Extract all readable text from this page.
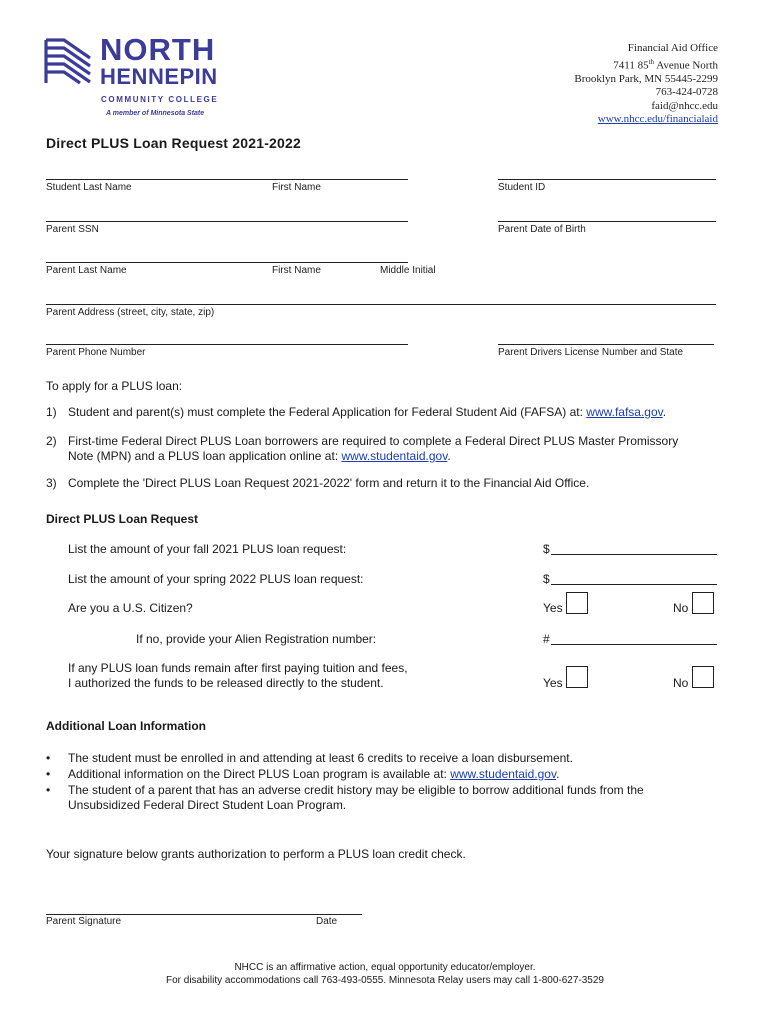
NORTH
HENNEPIN
COMMUNITY COLLEGE
A member of Minnesota State
Financial Aid Office
7411 85th Avenue North
Brooklyn Park, MN 55445-2299
763-424-0728
faid@nhcc.edu
www.nhcc.edu/financialaid
Direct PLUS Loan Request 2021-2022
Student Last Name	First Name	Student ID
Parent SSN	Parent Date of Birth
Parent Last Name	First Name	Middle Initial
Parent Address (street, city, state, zip)
Parent Phone Number	Parent Drivers License Number and State
To apply for a PLUS loan:
1) Student and parent(s) must complete the Federal Application for Federal Student Aid (FAFSA) at: www.fafsa.gov.
2) First-time Federal Direct PLUS Loan borrowers are required to complete a Federal Direct PLUS Master Promissory
Note (MPN) and a PLUS loan application online at: www.studentaid.gov.
3) Complete the 'Direct PLUS Loan Request 2021-2022' form and return it to the Financial Aid Office.
Direct PLUS Loan Request
List the amount of your fall 2021 PLUS loan request:	$
List the amount of your spring 2022 PLUS loan request:	$
Are you a U.S. Citizen?	Yes	No
If no, provide your Alien Registration number:	#
If any PLUS loan funds remain after first paying tuition and fees,
I authorized the funds to be released directly to the student.	Yes	No
Additional Loan Information
• The student must be enrolled in and attending at least 6 credits to receive a loan disbursement.
• Additional information on the Direct PLUS Loan program is available at: www.studentaid.gov.
• The student of a parent that has an adverse credit history may be eligible to borrow additional funds from the
Unsubsidized Federal Direct Student Loan Program.
Your signature below grants authorization to perform a PLUS loan credit check.
Parent Signature	Date
NHCC is an affirmative action, equal opportunity educator/employer.
For disability accommodations call 763-493-0555. Minnesota Relay users may call 1-800-627-3529
